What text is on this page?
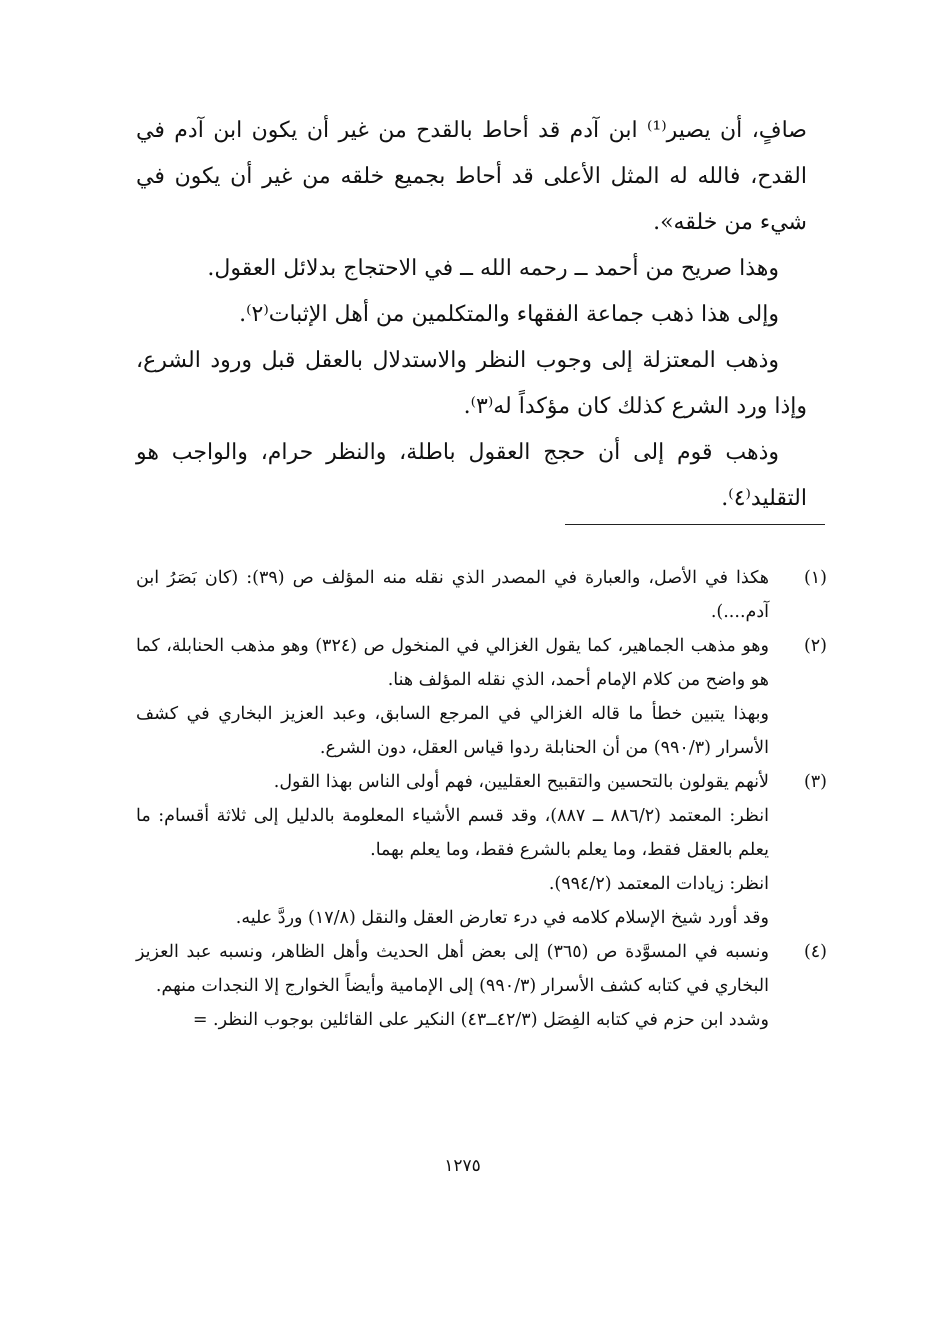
صافٍ، أن يصير⁽¹⁾ ابن آدم قد أحاط بالقدح من غير أن يكون ابن آدم في القدح، فالله له المثل الأعلى قد أحاط بجميع خلقه من غير أن يكون في شيء من خلقه».

وهذا صريح من أحمد ــ رحمه الله ــ في الاحتجاج بدلائل العقول.

وإلى هذا ذهب جماعة الفقهاء والمتكلمين من أهل الإثبات⁽٢⁾.

وذهب المعتزلة إلى وجوب النظر والاستدلال بالعقل قبل ورود الشرع، وإذا ورد الشرع كذلك كان مؤكداً له⁽٣⁾.

وذهب قوم إلى أن حجج العقول باطلة، والنظر حرام، والواجب هو التقليد⁽٤⁾.

(١)
هكذا في الأصل، والعبارة في المصدر الذي نقله منه المؤلف ص (٣٩): (كان بَصَرُ ابن آدم....).
(٢)
وهو مذهب الجماهير، كما يقول الغزالي في المنخول ص (٣٢٤) وهو مذهب الحنابلة، كما هو واضح من كلام الإمام أحمد، الذي نقله المؤلف هنا.
وبهذا يتبين خطأ ما قاله الغزالي في المرجع السابق، وعبد العزيز البخاري في كشف الأسرار (٩٩٠/٣) من أن الحنابلة ردوا قياس العقل، دون الشرع.
(٣)
لأنهم يقولون بالتحسين والتقبيح العقليين، فهم أولى الناس بهذا القول.
انظر: المعتمد (٨٨٦/٢ ــ ٨٨٧)، وقد قسم الأشياء المعلومة بالدليل إلى ثلاثة أقسام: ما يعلم بالعقل فقط، وما يعلم بالشرع فقط، وما يعلم بهما.
انظر: زيادات المعتمد (٩٩٤/٢).
وقد أورد شيخ الإسلام كلامه في درء تعارض العقل والنقل (١٧/٨) وردَّ عليه.
(٤)
ونسبه في المسوَّدة ص (٣٦٥) إلى بعض أهل الحديث وأهل الظاهر، ونسبه عبد العزيز البخاري في كتابه كشف الأسرار (٩٩٠/٣) إلى الإمامية وأيضاً الخوارج إلا النجدات منهم.
وشدد ابن حزم في كتابه الفِصَل (٤٢/٣ــ٤٣) النكير على القائلين بوجوب النظر. =
١٢٧٥
